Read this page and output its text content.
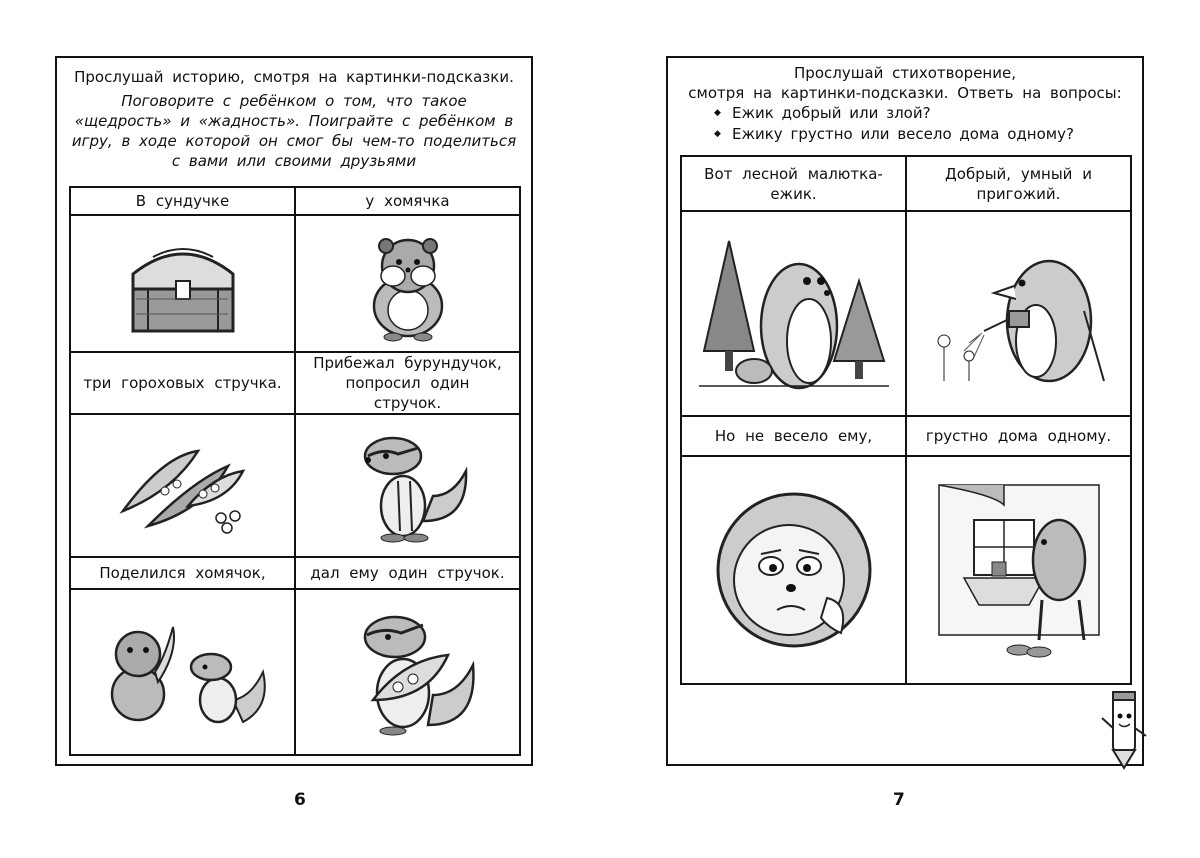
Прослушай историю, смотря на картинки-подсказки.
Поговорите с ребёнком о том, что такое «щедрость» и «жадность». Поиграйте с ребёнком в игру, в ходе которой он смог бы чем-то поделиться с вами или своими друзьями
В сундучке	у хомячка

три гороховых стручка.	Прибежал бурундучок, попросил один стручок.

Поделился хомячок,	дал ему один стручок.

6
Прослушай стихотворение,
смотря на картинки-подсказки. Ответь на вопросы:
◆ Ежик добрый или злой?
◆ Ежику грустно или весело дома одному?
Вот лесной малютка-ежик.	Добрый, умный и пригожий.

Но не весело ему,	грустно дома одному.

7
